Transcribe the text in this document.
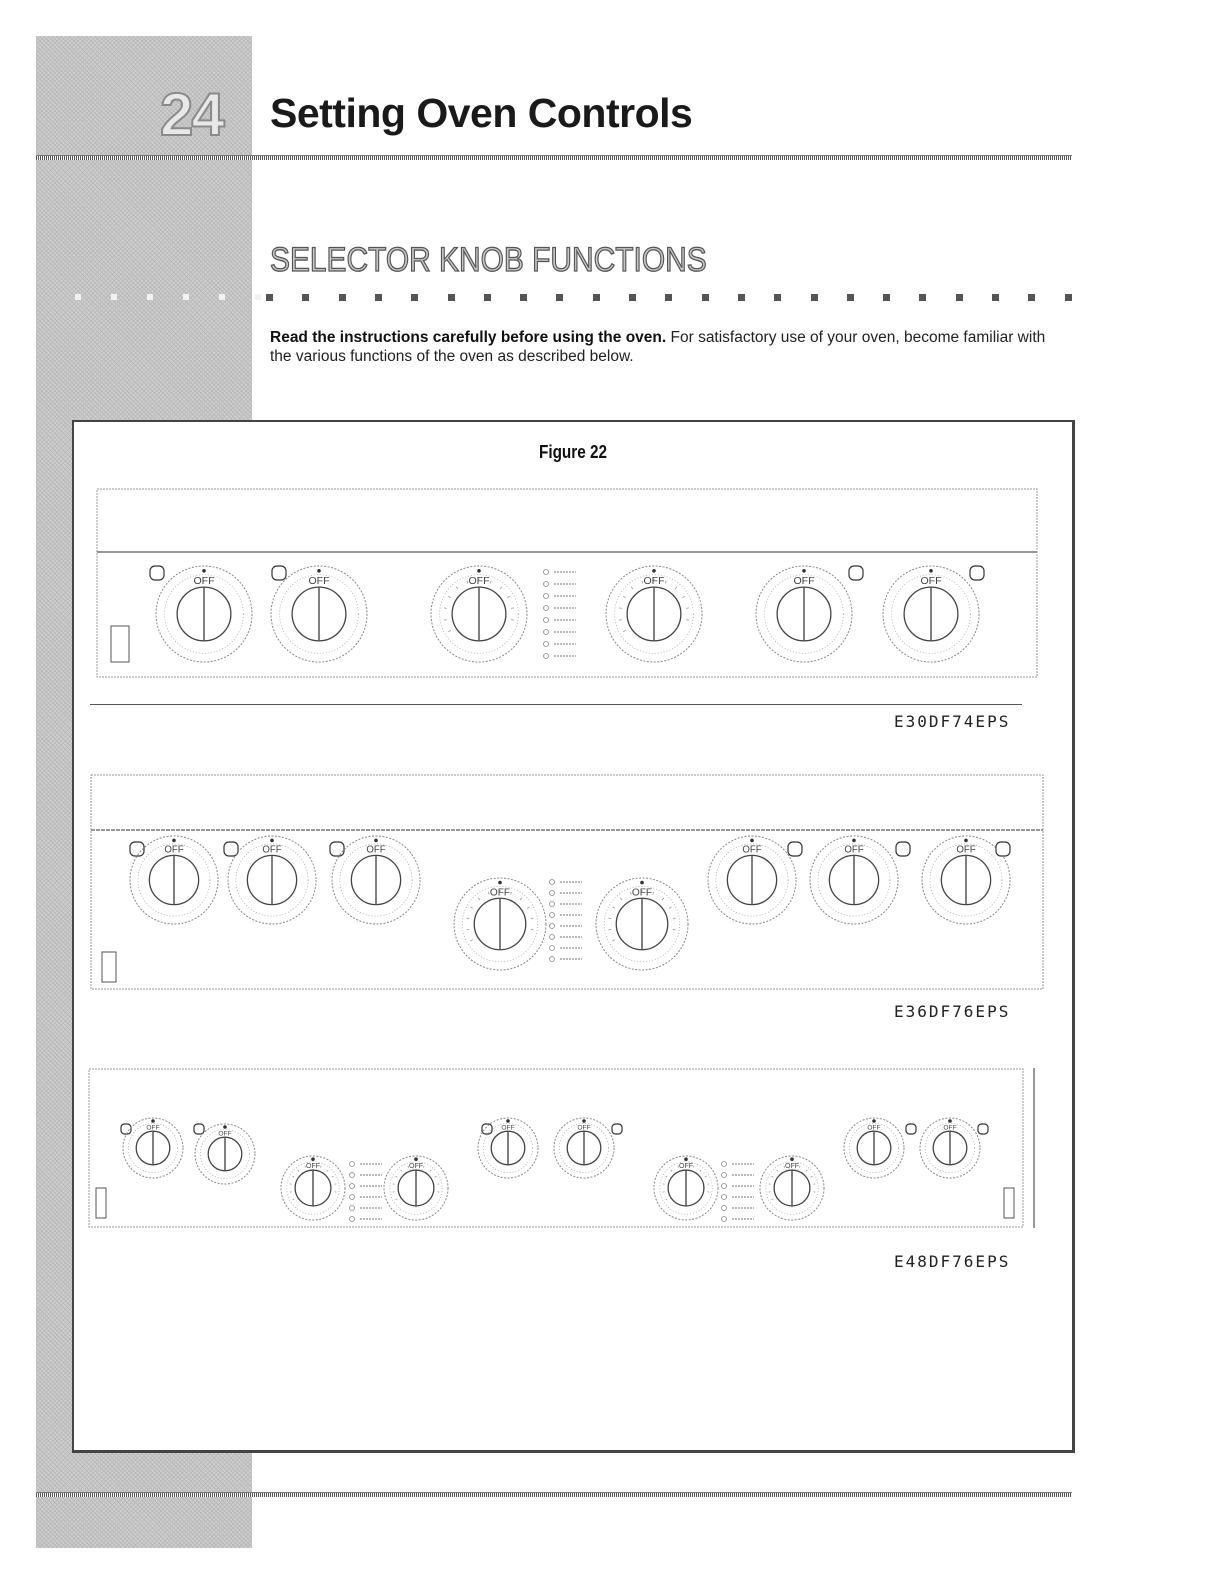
24	Setting Oven Controls
SELECTOR KNOB FUNCTIONS
Read the instructions carefully before using the oven. For satisfactory use of your oven, become familiar with the various functions of the oven as described below.
Figure 22
OFF	OFF	OFF	OFF	OFF	OFF
E30DF74EPS
OFF	OFF	OFF
OFF	OFF
OFF	OFF	OFF
E36DF76EPS
OFF
OFF
OFF	OFF
OFF	OFF
OFF	OFF
OFF	OFF
E48DF76EPS
